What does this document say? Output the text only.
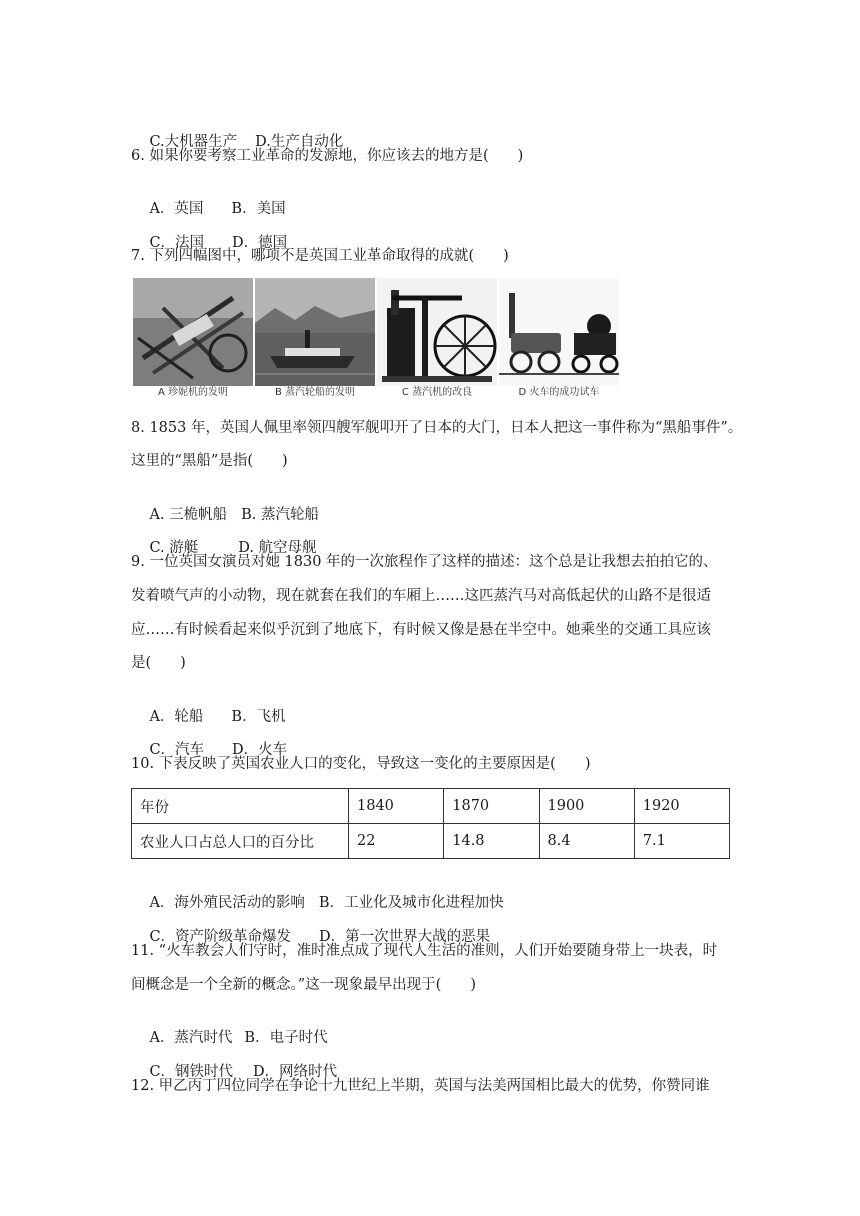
C.大机器生产 D.生产自动化

6. 如果你要考察工业革命的发源地，你应该去的地方是(　　)

A．英国 B．美国

C．法国 D．德国

7. 下列四幅图中，哪项不是英国工业革命取得的成就(　　)
A 珍妮机的发明	B 蒸汽轮船的发明	C 蒸汽机的改良	D 火车的成功试车
8. 1853 年，英国人佩里率领四艘军舰叩开了日本的大门，日本人把这一事件称为“黑船事件”。
这里的“黑船”是指(　　)

A. 三桅帆船 B. 蒸汽轮船

C. 游艇	D. 航空母舰

9. 一位英国女演员对她 1830 年的一次旅程作了这样的描述：这个总是让我想去拍拍它的、
发着喷气声的小动物，现在就套在我们的车厢上……这匹蒸汽马对高低起伏的山路不是很适
应……有时候看起来似乎沉到了地底下，有时候又像是悬在半空中。她乘坐的交通工具应该
是(　　)

A．轮船 B．飞机

C．汽车 D．火车

10. 下表反映了英国农业人口的变化，导致这一变化的主要原因是(　　)
年份	1840	1870	1900	1920
农业人口占总人口的百分比	22	14.8	8.4	7.1

A．海外殖民活动的影响 B．工业化及城市化进程加快

C．资产阶级革命爆发 D．第一次世界大战的恶果

11. “火车教会人们守时，准时准点成了现代人生活的准则，人们开始要随身带上一块表，时
间概念是一个全新的概念。”这一现象最早出现于(　　)

A．蒸汽时代 B．电子时代

C．钢铁时代 D．网络时代

12. 甲乙丙丁四位同学在争论十九世纪上半期，英国与法美两国相比最大的优势，你赞同谁
